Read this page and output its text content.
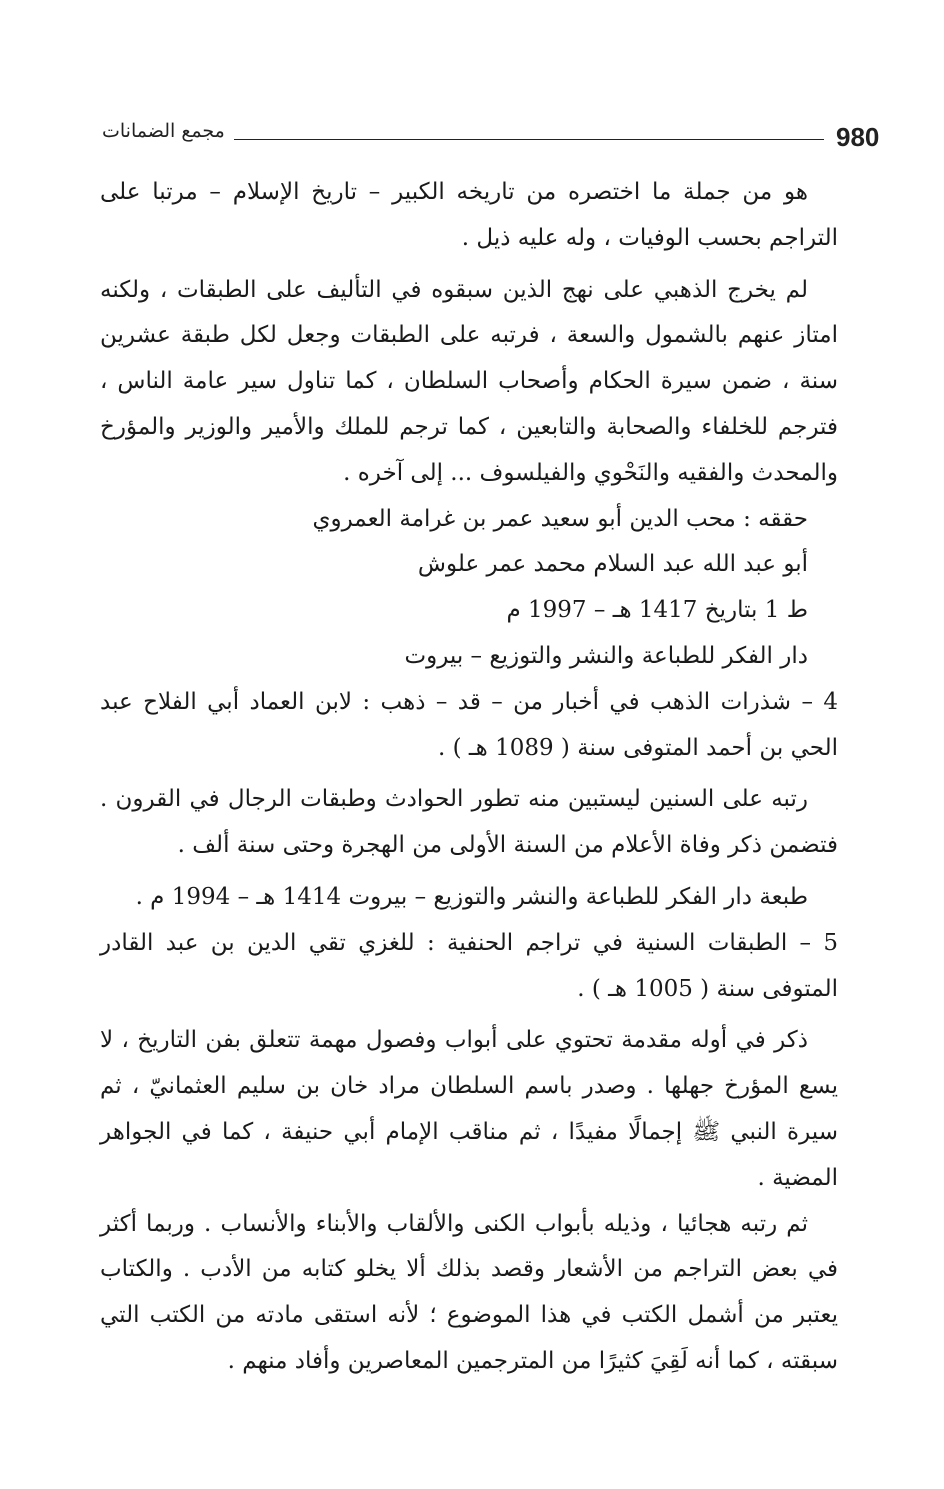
980
مجمع الضمانات

هو من جملة ما اختصره من تاريخه الكبير – تاريخ الإسلام – مرتبا على التراجم بحسب الوفيات ، وله عليه ذيل .

لم يخرج الذهبي على نهج الذين سبقوه في التأليف على الطبقات ، ولكنه امتاز عنهم بالشمول والسعة ، فرتبه على الطبقات وجعل لكل طبقة عشرين سنة ، ضمن سيرة الحكام وأصحاب السلطان ، كما تناول سير عامة الناس ، فترجم للخلفاء والصحابة والتابعين ، كما ترجم للملك والأمير والوزير والمؤرخ والمحدث والفقيه والنَحْوي والفيلسوف ... إلى آخره .

حققه : محب الدين أبو سعيد عمر بن غرامة العمروي

أبو عبد الله عبد السلام محمد عمر علوش

ط 1 بتاريخ 1417 هـ – 1997 م

دار الفكر للطباعة والنشر والتوزيع – بيروت

4 – شذرات الذهب في أخبار من – قد – ذهب : لابن العماد أبي الفلاح عبد الحي بن أحمد المتوفى سنة ( 1089 هـ ) .

رتبه على السنين ليستبين منه تطور الحوادث وطبقات الرجال في القرون . فتضمن ذكر وفاة الأعلام من السنة الأولى من الهجرة وحتى سنة ألف .

طبعة دار الفكر للطباعة والنشر والتوزيع – بيروت 1414 هـ – 1994 م .

5 – الطبقات السنية في تراجم الحنفية : للغزي تقي الدين بن عبد القادر المتوفى سنة ( 1005 هـ ) .

ذكر في أوله مقدمة تحتوي على أبواب وفصول مهمة تتعلق بفن التاريخ ، لا يسع المؤرخ جهلها . وصدر باسم السلطان مراد خان بن سليم العثمانيّ ، ثم سيرة النبي ﷺ إجمالًا مفيدًا ، ثم مناقب الإمام أبي حنيفة ، كما في الجواهر المضية .

ثم رتبه هجائيا ، وذيله بأبواب الكنى والألقاب والأبناء والأنساب . وربما أكثر في بعض التراجم من الأشعار وقصد بذلك ألا يخلو كتابه من الأدب . والكتاب يعتبر من أشمل الكتب في هذا الموضوع ؛ لأنه استقى مادته من الكتب التي سبقته ، كما أنه لَقِيَ كثيرًا من المترجمين المعاصرين وأفاد منهم .
